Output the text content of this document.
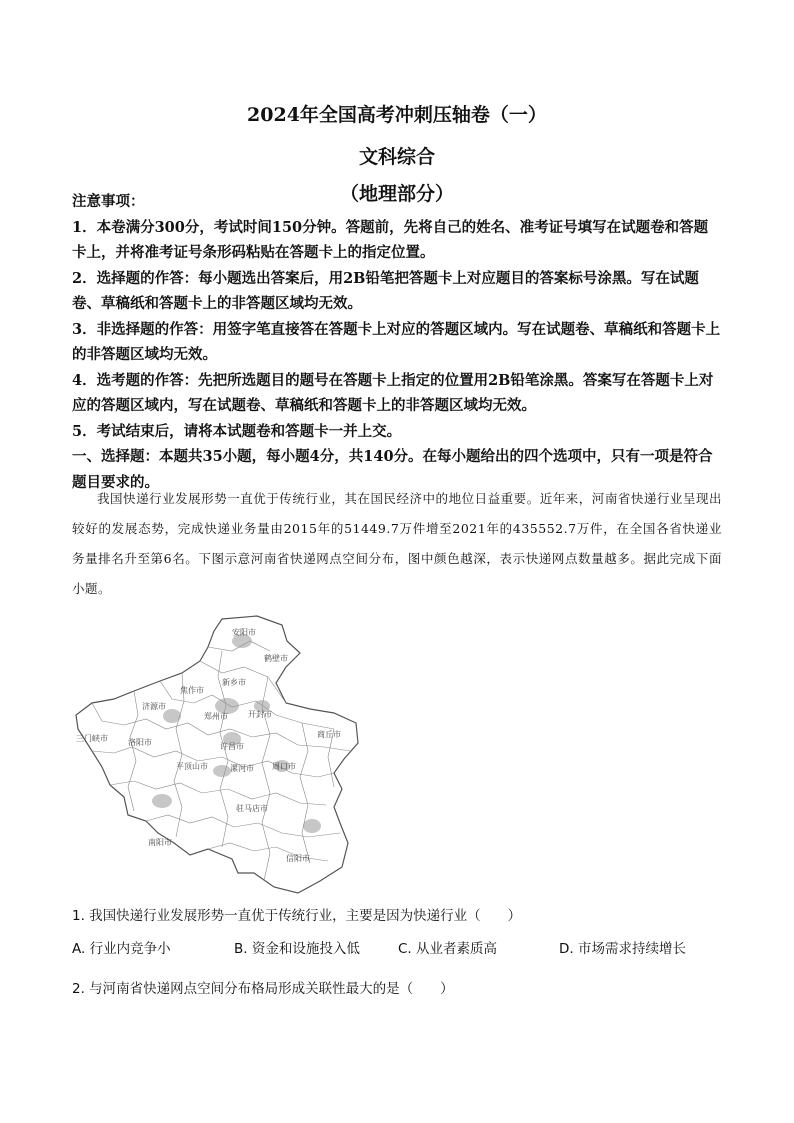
2024年全国高考冲刺压轴卷（一）
文科综合
（地理部分）

注意事项：

1．本卷满分300分，考试时间150分钟。答题前，先将自己的姓名、准考证号填写在试题卷和答题卡上，并将准考证号条形码粘贴在答题卡上的指定位置。

2．选择题的作答：每小题选出答案后，用2B铅笔把答题卡上对应题目的答案标号涂黑。写在试题卷、草稿纸和答题卡上的非答题区域均无效。

3．非选择题的作答：用签字笔直接答在答题卡上对应的答题区域内。写在试题卷、草稿纸和答题卡上的非答题区域均无效。

4．选考题的作答：先把所选题目的题号在答题卡上指定的位置用2B铅笔涂黑。答案写在答题卡上对应的答题区域内，写在试题卷、草稿纸和答题卡上的非答题区域均无效。

5．考试结束后，请将本试题卷和答题卡一并上交。

一、选择题：本题共35小题，每小题4分，共140分。在每小题给出的四个选项中，只有一项是符合题目要求的。

我国快递行业发展形势一直优于传统行业，其在国民经济中的地位日益重要。近年来，河南省快递行业呈现出较好的发展态势，完成快递业务量由2015年的51449.7万件增至2021年的435552.7万件，在全国各省快递业务量排名升至第6名。下图示意河南省快递网点空间分布，图中颜色越深，表示快递网点数量越多。据此完成下面小题。

安阳市
鹤壁市
新乡市
焦作市
济源市
郑州市	开封市
商丘市
三门峡市	洛阳市	许昌市
平顶山市	漯河市 周口市
南阳市
驻马店市
信阳市
1. 我国快递行业发展形势一直优于传统行业，主要是因为快递行业（　　）
A. 行业内竞争小	B. 资金和设施投入低	C. 从业者素质高	D. 市场需求持续增长
2. 与河南省快递网点空间分布格局形成关联性最大的是（　　）
